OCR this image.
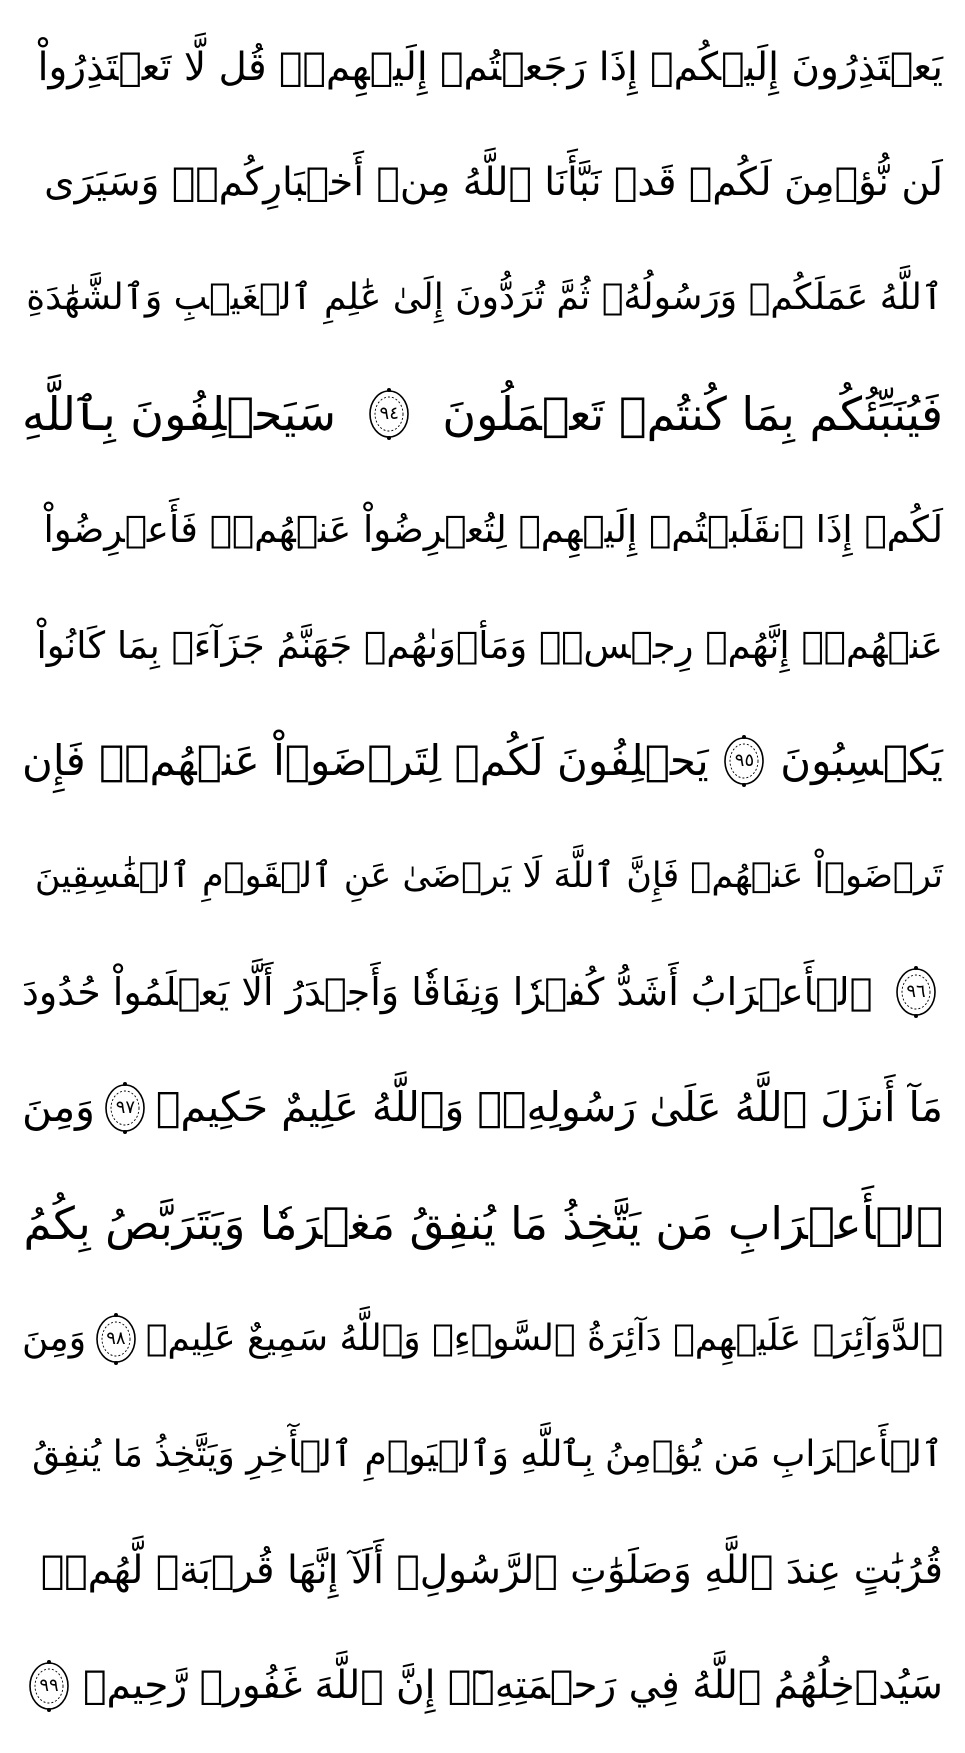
يَعۡتَذِرُونَ إِلَيۡكُمۡ إِذَا رَجَعۡتُمۡ إِلَيۡهِمۡۚ قُل لَّا تَعۡتَذِرُواْ
لَن نُّؤۡمِنَ لَكُمۡ قَدۡ نَبَّأَنَا ٱللَّهُ مِنۡ أَخۡبَارِكُمۡۚ وَسَيَرَى
ٱللَّهُ عَمَلَكُمۡ وَرَسُولُهُۥ ثُمَّ تُرَدُّونَ إِلَىٰ عَٰلِمِ ٱلۡغَيۡبِ وَٱلشَّهَٰدَةِ
فَيُنَبِّئُكُم بِمَا كُنتُمۡ تَعۡمَلُونَ
٩٤
سَيَحۡلِفُونَ بِٱللَّهِ
لَكُمۡ إِذَا ٱنقَلَبۡتُمۡ إِلَيۡهِمۡ لِتُعۡرِضُواْ عَنۡهُمۡۖ فَأَعۡرِضُواْ
عَنۡهُمۡۖ إِنَّهُمۡ رِجۡسٞۖ وَمَأۡوَىٰهُمۡ جَهَنَّمُ جَزَآءَۢ بِمَا كَانُواْ
يَكۡسِبُونَ
٩٥
يَحۡلِفُونَ لَكُمۡ لِتَرۡضَوۡاْ عَنۡهُمۡۖ فَإِن
تَرۡضَوۡاْ عَنۡهُمۡ فَإِنَّ ٱللَّهَ لَا يَرۡضَىٰ عَنِ ٱلۡقَوۡمِ ٱلۡفَٰسِقِينَ
٩٦
ٱلۡأَعۡرَابُ أَشَدُّ كُفۡرٗا وَنِفَاقٗا وَأَجۡدَرُ أَلَّا يَعۡلَمُواْ حُدُودَ
مَآ أَنزَلَ ٱللَّهُ عَلَىٰ رَسُولِهِۦۗ وَٱللَّهُ عَلِيمٌ حَكِيمٞ
٩٧
وَمِنَ
ٱلۡأَعۡرَابِ مَن يَتَّخِذُ مَا يُنفِقُ مَغۡرَمٗا وَيَتَرَبَّصُ بِكُمُ
ٱلدَّوَآئِرَۚ عَلَيۡهِمۡ دَآئِرَةُ ٱلسَّوۡءِۗ وَٱللَّهُ سَمِيعٌ عَلِيمٞ
٩٨
وَمِنَ
ٱلۡأَعۡرَابِ مَن يُؤۡمِنُ بِٱللَّهِ وَٱلۡيَوۡمِ ٱلۡأٓخِرِ وَيَتَّخِذُ مَا يُنفِقُ
قُرُبَٰتٍ عِندَ ٱللَّهِ وَصَلَوَٰتِ ٱلرَّسُولِۚ أَلَآ إِنَّهَا قُرۡبَةٞ لَّهُمۡۚ
سَيُدۡخِلُهُمُ ٱللَّهُ فِي رَحۡمَتِهِۦٓۚ إِنَّ ٱللَّهَ غَفُورٞ رَّحِيمٞ
٩٩
